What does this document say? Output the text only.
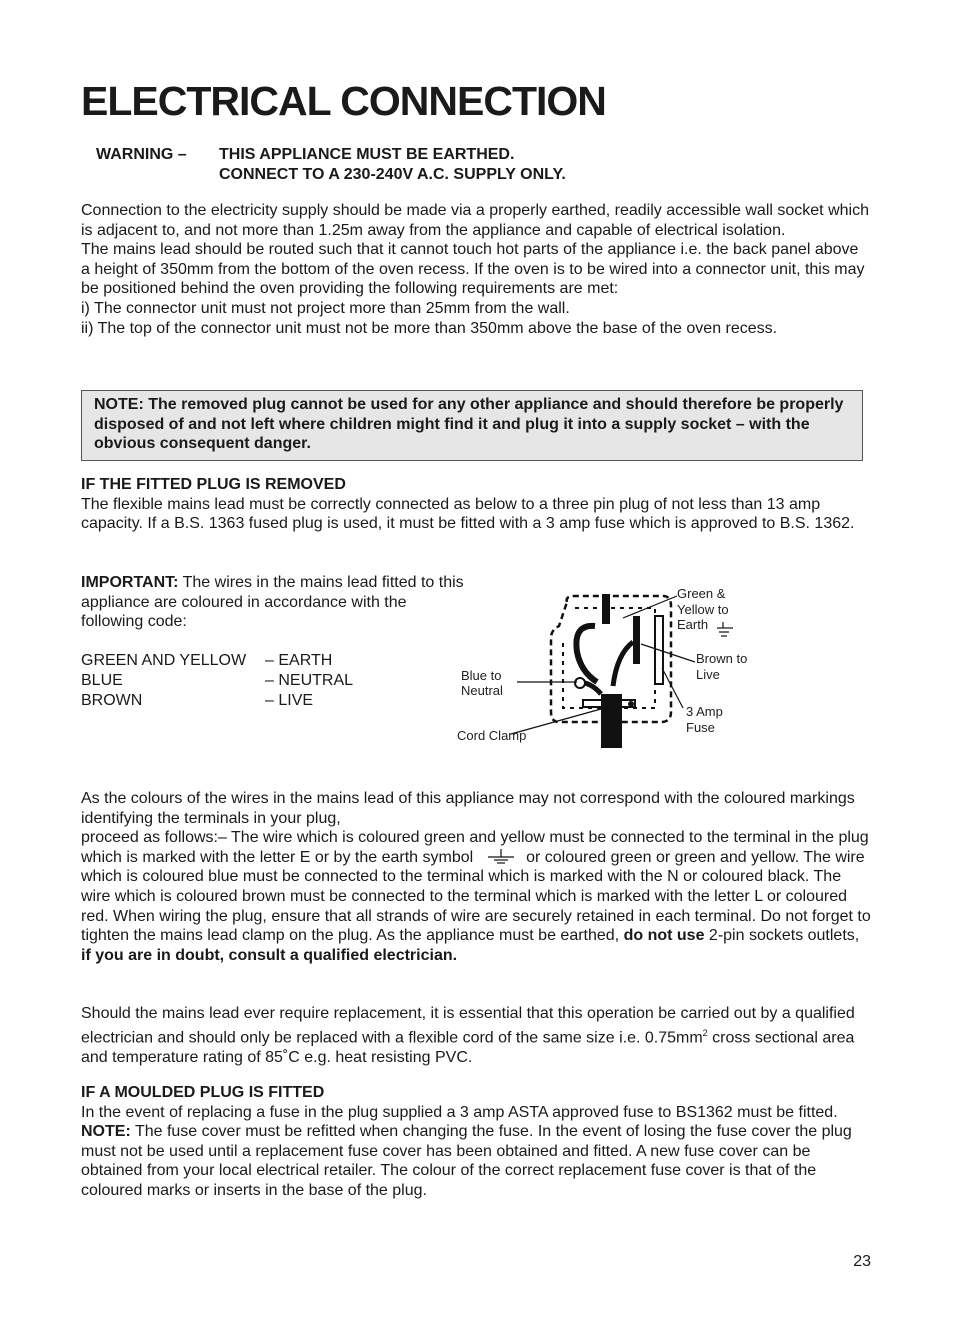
ELECTRICAL CONNECTION
WARNING – THIS APPLIANCE MUST BE EARTHED.
CONNECT TO A 230-240V A.C. SUPPLY ONLY.
Connection to the electricity supply should be made via a properly earthed, readily accessible wall socket which is adjacent to, and not more than 1.25m away from the appliance and capable of electrical isolation.
The mains lead should be routed such that it cannot touch hot parts of the appliance i.e. the back panel above a height of 350mm from the bottom of the oven recess. If the oven is to be wired into a connector unit, this may be positioned behind the oven providing the following requirements are met:
i) The connector unit must not project more than 25mm from the wall.
ii) The top of the connector unit must not be more than 350mm above the base of the oven recess.
NOTE: The removed plug cannot be used for any other appliance and should therefore be properly disposed of and not left where children might find it and plug it into a supply socket – with the obvious consequent danger.
IF THE FITTED PLUG IS REMOVED
The flexible mains lead must be correctly connected as below to a three pin plug of not less than 13 amp capacity. If a B.S. 1363 fused plug is used, it must be fitted with a 3 amp fuse which is approved to B.S. 1362.
IMPORTANT: The wires in the mains lead fitted to this appliance are coloured in accordance with the following code:
GREEN AND YELLOW	– EARTH
BLUE	– NEUTRAL
BROWN	– LIVE
Green &
Yellow to
Earth
Brown to
Live
Blue to
Neutral
3 Amp
Fuse
Cord Clamp
As the colours of the wires in the mains lead of this appliance may not correspond with the coloured markings identifying the terminals in your plug,
proceed as follows:– The wire which is coloured green and yellow must be connected to the terminal in the plug which is marked with the letter E or by the earth symbol	or coloured green or green and yellow. The wire which is coloured blue must be connected to the terminal which is marked with the N or coloured black. The wire which is coloured brown must be connected to the terminal which is marked with the letter L or coloured red. When wiring the plug, ensure that all strands of wire are securely retained in each terminal. Do not forget to tighten the mains lead clamp on the plug. As the appliance must be earthed, do not use 2-pin sockets outlets, if you are in doubt, consult a qualified electrician.
Should the mains lead ever require replacement, it is essential that this operation be carried out by a qualified electrician and should only be replaced with a flexible cord of the same size i.e. $0.75mm^2$ cross sectional area and temperature rating of 85˚C e.g. heat resisting PVC.
IF A MOULDED PLUG IS FITTED
In the event of replacing a fuse in the plug supplied a 3 amp ASTA approved fuse to BS1362 must be fitted.
NOTE: The fuse cover must be refitted when changing the fuse. In the event of losing the fuse cover the plug must not be used until a replacement fuse cover has been obtained and fitted. A new fuse cover can be obtained from your local electrical retailer. The colour of the correct replacement fuse cover is that of the coloured marks or inserts in the base of the plug.
23
